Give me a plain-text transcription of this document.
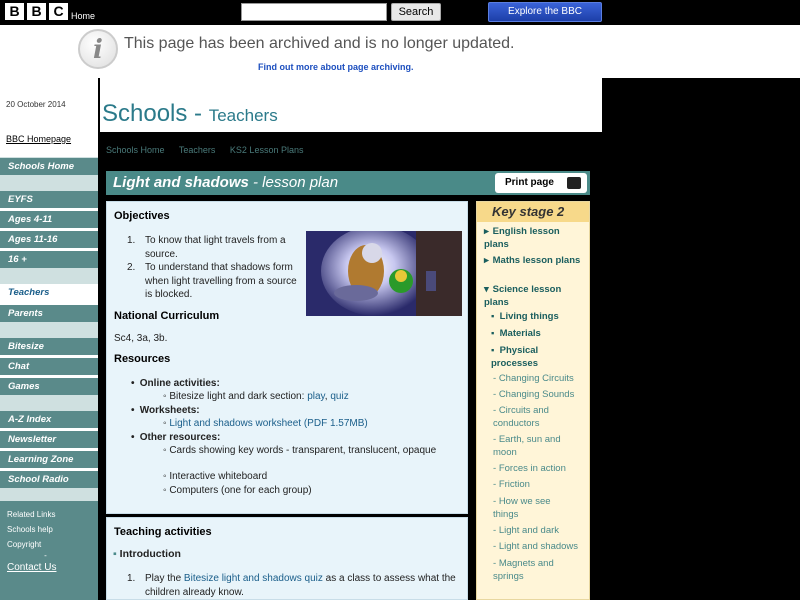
B B C Home	Search	Explore the BBC
i	This page has been archived and is no longer updated.
Find out more about page archiving.
20 October 2014
BBC Homepage
Schools Home
EYFS
Ages 4-11
Ages 11-16
16 +
Teachers
Parents
Bitesize
Chat
Games
A-Z Index
Newsletter
Learning Zone
School Radio
Related Links
Schools help
Copyright
-
Contact Us
Schools - Teachers
Schools Home Teachers KS2 Lesson Plans
Light and shadows - lesson plan	Print page
Objectives
1. To know that light travels from a source.
2. To understand that shadows form when light travelling from a source is blocked.
National Curriculum
Sc4, 3a, 3b.
Resources
• Online activities:
◦ Bitesize light and dark section: play, quiz
• Worksheets:
◦ Light and shadows worksheet (PDF 1.57MB)
• Other resources:
◦ Cards showing key words - transparent, translucent, opaque
◦ Interactive whiteboard
◦ Computers (one for each group)
Teaching activities
▪ Introduction
1. Play the Bitesize light and shadows quiz as a class to assess what the children already know.
Key stage 2
▸ English lesson plans
▸ Maths lesson plans
▾ Science lesson plans
▪ Living things
▪ Materials
▪ Physical processes
- Changing Circuits
- Changing Sounds
- Circuits and conductors
- Earth, sun and moon
- Forces in action
- Friction
- How we see things
- Light and dark
- Light and shadows
- Magnets and springs
